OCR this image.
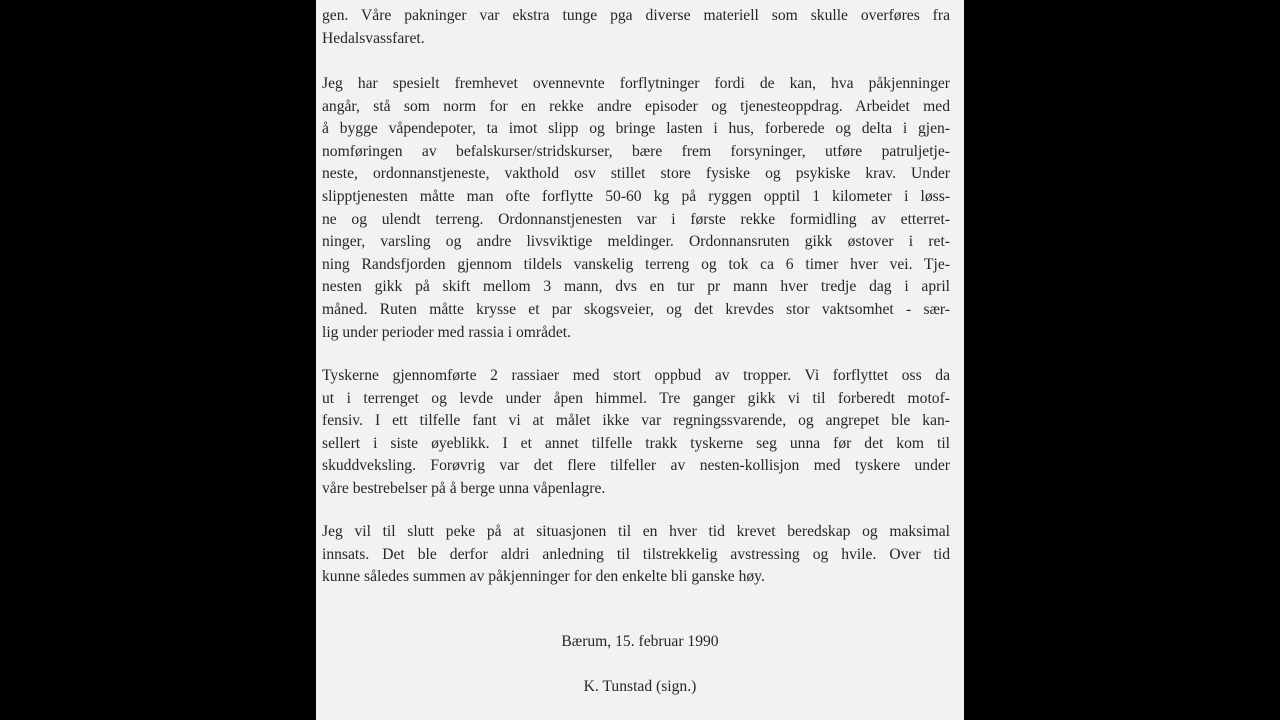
gen. Våre pakninger var ekstra tunge pga diverse materiell som skulle overføres fra
Hedalsvassfaret.
Jeg har spesielt fremhevet ovennevnte forflytninger fordi de kan, hva påkjenninger
angår, stå som norm for en rekke andre episoder og tjenesteoppdrag. Arbeidet med
å bygge våpendepoter, ta imot slipp og bringe lasten i hus, forberede og delta i gjen-
nomføringen av befalskurser/stridskurser, bære frem forsyninger, utføre patruljetje-
neste, ordonnanstjeneste, vakthold osv stillet store fysiske og psykiske krav. Under
slipptjenesten måtte man ofte forflytte 50-60 kg på ryggen opptil 1 kilometer i løss-
ne og ulendt terreng. Ordonnanstjenesten var i første rekke formidling av etterret-
ninger, varsling og andre livsviktige meldinger. Ordonnansruten gikk østover i ret-
ning Randsfjorden gjennom tildels vanskelig terreng og tok ca 6 timer hver vei. Tje-
nesten gikk på skift mellom 3 mann, dvs en tur pr mann hver tredje dag i april
måned. Ruten måtte krysse et par skogsveier, og det krevdes stor vaktsomhet - sær-
lig under perioder med rassia i området.
Tyskerne gjennomførte 2 rassiaer med stort oppbud av tropper. Vi forflyttet oss da
ut i terrenget og levde under åpen himmel. Tre ganger gikk vi til forberedt motof-
fensiv. I ett tilfelle fant vi at målet ikke var regningssvarende, og angrepet ble kan-
sellert i siste øyeblikk. I et annet tilfelle trakk tyskerne seg unna før det kom til
skuddveksling. Forøvrig var det flere tilfeller av nesten-kollisjon med tyskere under
våre bestrebelser på å berge unna våpenlagre.
Jeg vil til slutt peke på at situasjonen til en hver tid krevet beredskap og maksimal
innsats. Det ble derfor aldri anledning til tilstrekkelig avstressing og hvile. Over tid
kunne således summen av påkjenninger for den enkelte bli ganske høy.

Bærum, 15. februar 1990

K. Tunstad (sign.)
